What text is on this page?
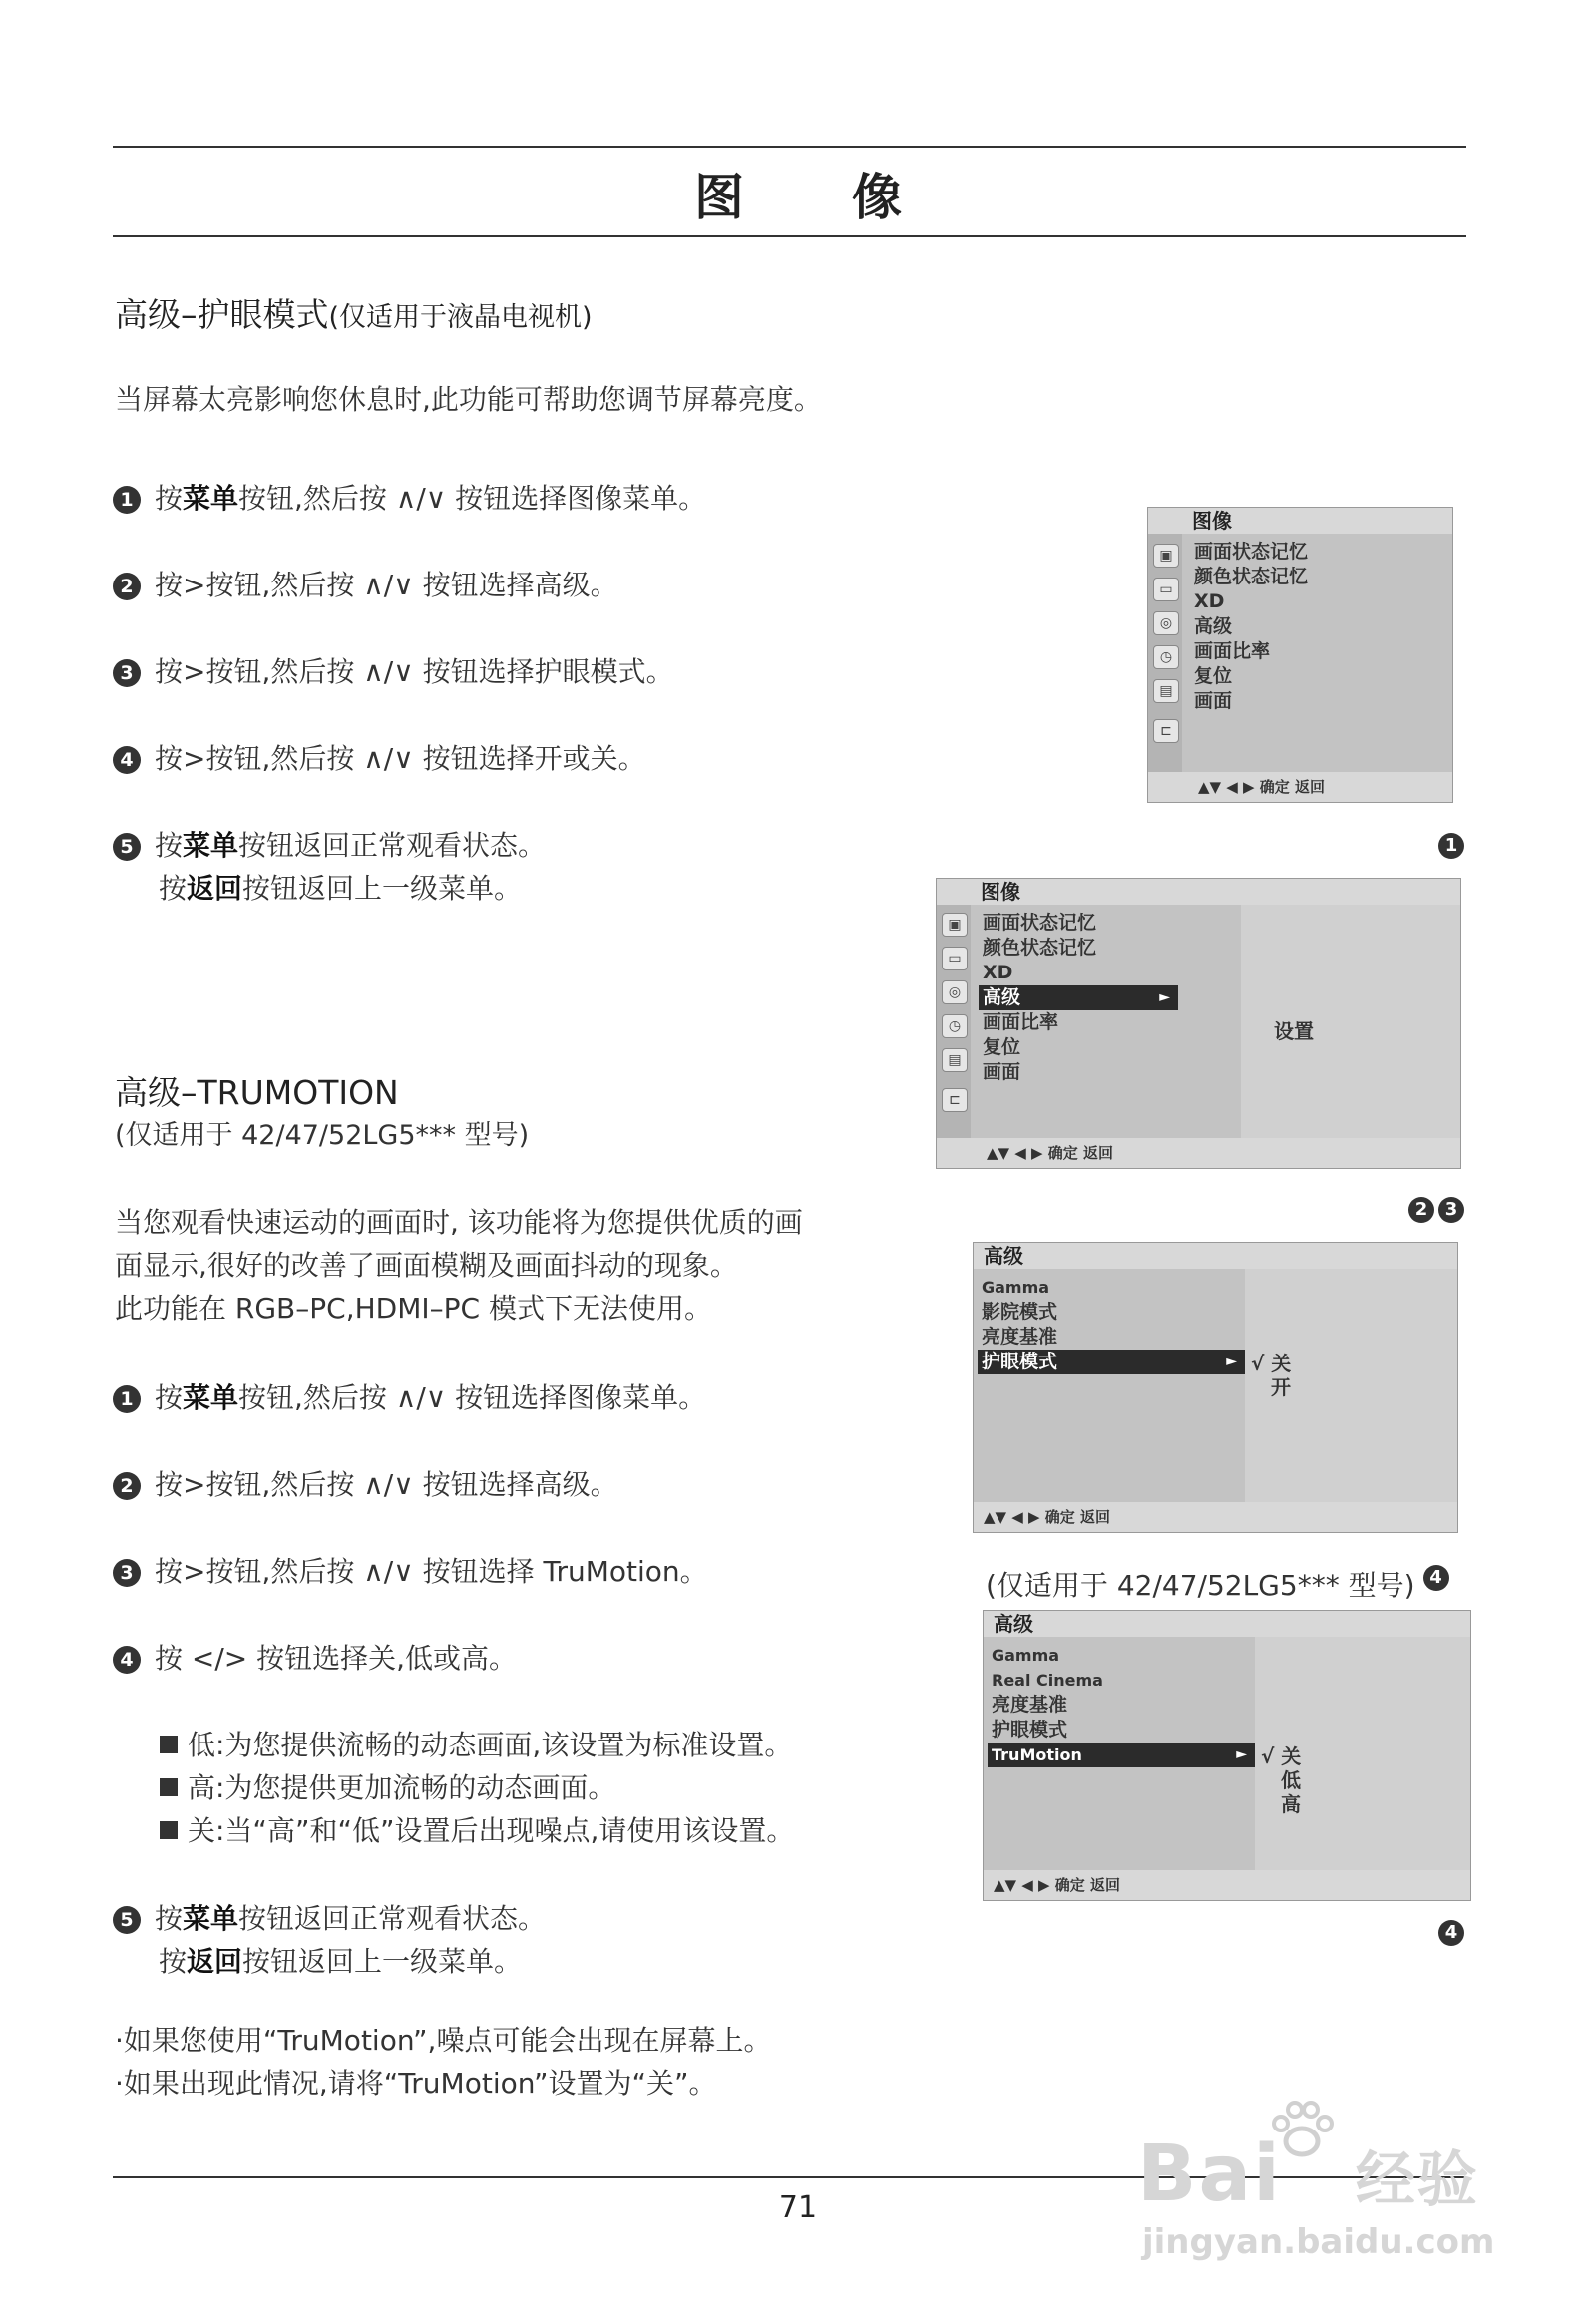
图 像
高级–护眼模式(仅适用于液晶电视机)
当屏幕太亮影响您休息时,此功能可帮助您调节屏幕亮度。
1 按菜单按钮,然后按 ∧/∨ 按钮选择图像菜单。
2 按>按钮,然后按 ∧/∨ 按钮选择高级。
3 按>按钮,然后按 ∧/∨ 按钮选择护眼模式。
4 按>按钮,然后按 ∧/∨ 按钮选择开或关。
5 按菜单按钮返回正常观看状态。
按返回按钮返回上一级菜单。
高级–TRUMOTION
(仅适用于 42/47/52LG5*** 型号)
当您观看快速运动的画面时, 该功能将为您提供优质的画
面显示,很好的改善了画面模糊及画面抖动的现象。
此功能在 RGB–PC,HDMI–PC 模式下无法使用。
1 按菜单按钮,然后按 ∧/∨ 按钮选择图像菜单。
2 按>按钮,然后按 ∧/∨ 按钮选择高级。
3 按>按钮,然后按 ∧/∨ 按钮选择 TruMotion。
4 按 </> 按钮选择关,低或高。
5 按菜单按钮返回正常观看状态。
按返回按钮返回上一级菜单。
低:为您提供流畅的动态画面,该设置为标准设置。
高:为您提供更加流畅的动态画面。
关:当“高”和“低”设置后出现噪点,请使用该设置。
·如果您使用“TruMotion”,噪点可能会出现在屏幕上。
·如果出现此情况,请将“TruMotion”设置为“关”。
图像
▣
▭
◎
◷
▤
⊏
画面状态记忆
颜色状态记忆
XD
高级
画面比率
复位
画面
▲▼ ◀ ▶ 确定 返回
1
图像
▣
▭
◎
◷
▤
⊏
画面状态记忆
颜色状态记忆
XD
高级	►
画面比率
复位
画面
设置
▲▼ ◀ ▶ 确定 返回
2 3
高级
Gamma
影院模式
亮度基准
护眼模式	► √ 关
开
▲▼ ◀ ▶ 确定 返回
(仅适用于 42/47/52LG5*** 型号) 4
高级
Gamma
Real Cinema
亮度基准
护眼模式
TruMotion	► √ 关
低
高
▲▼ ◀ ▶ 确定 返回
4
71	Bai 经验
jingyan.baidu.com
